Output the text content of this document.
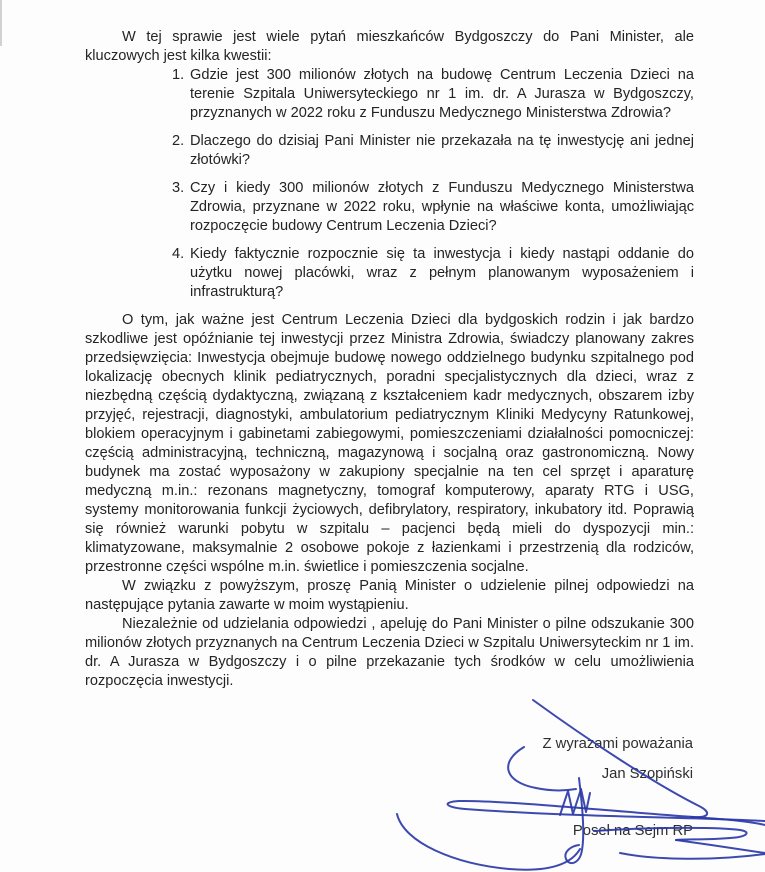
W tej sprawie jest wiele pytań mieszkańców Bydgoszczy do Pani Minister, ale kluczowych jest kilka kwestii:

1. Gdzie jest 300 milionów złotych na budowę Centrum Leczenia Dzieci na terenie Szpitala Uniwersyteckiego nr 1 im. dr. A Jurasza w Bydgoszczy, przyznanych w 2022 roku z Funduszu Medycznego Ministerstwa Zdrowia?
2. Dlaczego do dzisiaj Pani Minister nie przekazała na tę inwestycję ani jednej złotówki?
3. Czy i kiedy 300 milionów złotych z Funduszu Medycznego Ministerstwa Zdrowia, przyznane w 2022 roku, wpłynie na właściwe konta, umożliwiając rozpoczęcie budowy Centrum Leczenia Dzieci?
4. Kiedy faktycznie rozpocznie się ta inwestycja i kiedy nastąpi oddanie do użytku nowej placówki, wraz z pełnym planowanym wyposażeniem i infrastrukturą?

O tym, jak ważne jest Centrum Leczenia Dzieci dla bydgoskich rodzin i jak bardzo szkodliwe jest opóźnianie tej inwestycji przez Ministra Zdrowia, świadczy planowany zakres przedsięwzięcia: Inwestycja obejmuje budowę nowego oddzielnego budynku szpitalnego pod lokalizację obecnych klinik pediatrycznych, poradni specjalistycznych dla dzieci, wraz z niezbędną częścią dydaktyczną, związaną z kształceniem kadr medycznych, obszarem izby przyjęć, rejestracji, diagnostyki, ambulatorium pediatrycznym Kliniki Medycyny Ratunkowej, blokiem operacyjnym i gabinetami zabiegowymi, pomieszczeniami działalności pomocniczej: częścią administracyjną, techniczną, magazynową i socjalną oraz gastronomiczną. Nowy budynek ma zostać wyposażony w zakupiony specjalnie na ten cel sprzęt i aparaturę medyczną m.in.: rezonans magnetyczny, tomograf komputerowy, aparaty RTG i USG, systemy monitorowania funkcji życiowych, defibrylatory, respiratory, inkubatory itd. Poprawią się również warunki pobytu w szpitalu – pacjenci będą mieli do dyspozycji min.: klimatyzowane, maksymalnie 2 osobowe pokoje z łazienkami i przestrzenią dla rodziców, przestronne części wspólne m.in. świetlice i pomieszczenia socjalne.

W związku z powyższym, proszę Panią Minister o udzielenie pilnej odpowiedzi na następujące pytania zawarte w moim wystąpieniu.

Niezależnie od udzielania odpowiedzi , apeluję do Pani Minister o pilne odszukanie 300 milionów złotych przyznanych na Centrum Leczenia Dzieci w Szpitalu Uniwersyteckim nr 1 im. dr. A Jurasza w Bydgoszczy i o pilne przekazanie tych środków w celu umożliwienia rozpoczęcia inwestycji.

Z wyrazami poważania
Jan Szopiński
Poseł na Sejm RP
